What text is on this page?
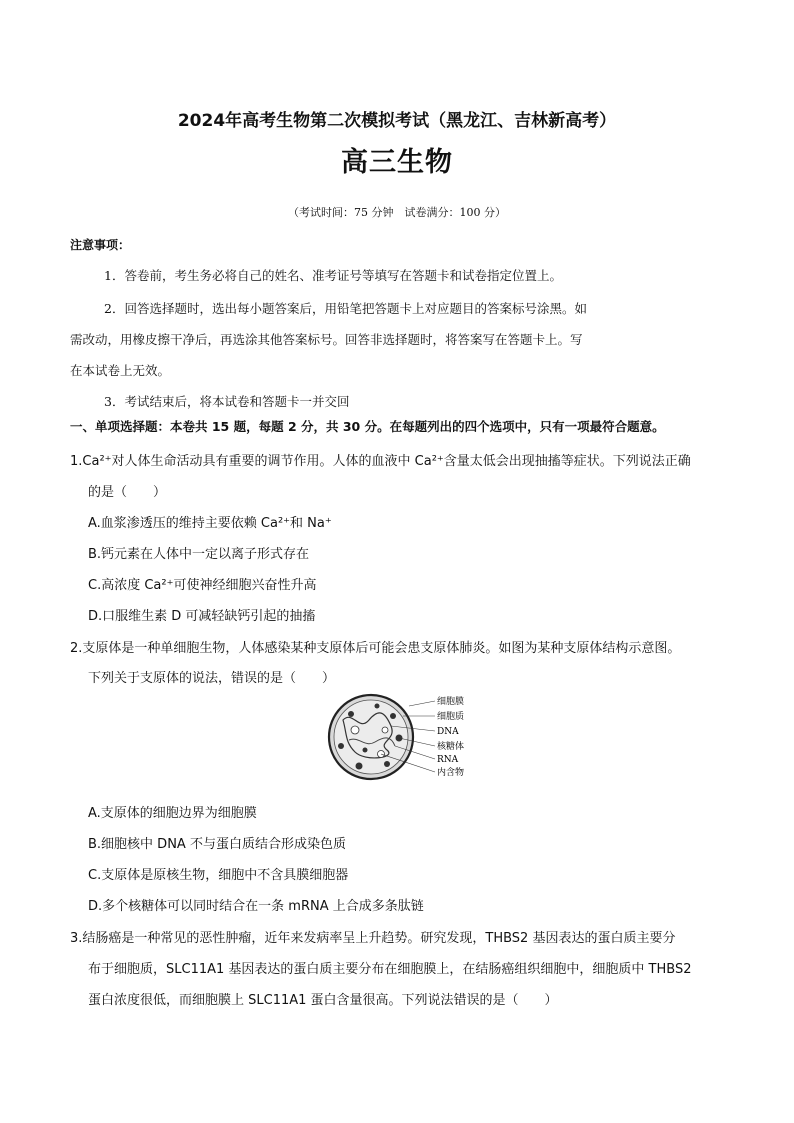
2024年高考生物第二次模拟考试（黑龙江、吉林新高考）
高三生物
（考试时间：75 分钟　试卷满分：100 分）
注意事项：
1．答卷前，考生务必将自己的姓名、准考证号等填写在答题卡和试卷指定位置上。
2．回答选择题时，选出每小题答案后，用铅笔把答题卡上对应题目的答案标号涂黑。如
需改动，用橡皮擦干净后，再选涂其他答案标号。回答非选择题时，将答案写在答题卡上。写
在本试卷上无效。
3．考试结束后，将本试卷和答题卡一并交回
一、单项选择题：本卷共 15 题，每题 2 分，共 30 分。在每题列出的四个选项中，只有一项最符合题意。
1.Ca²⁺对人体生命活动具有重要的调节作用。人体的血液中 Ca²⁺含量太低会出现抽搐等症状。下列说法正确
的是（　　）
A.血浆渗透压的维持主要依赖 Ca²⁺和 Na⁺
B.钙元素在人体中一定以离子形式存在
C.高浓度 Ca²⁺可使神经细胞兴奋性升高
D.口服维生素 D 可减轻缺钙引起的抽搐
2.支原体是一种单细胞生物，人体感染某种支原体后可能会患支原体肺炎。如图为某种支原体结构示意图。
下列关于支原体的说法，错误的是（　　）
细胞膜
细胞质
DNA
核糖体
RNA
内含物
A.支原体的细胞边界为细胞膜
B.细胞核中 DNA 不与蛋白质结合形成染色质
C.支原体是原核生物，细胞中不含具膜细胞器
D.多个核糖体可以同时结合在一条 mRNA 上合成多条肽链
3.结肠癌是一种常见的恶性肿瘤，近年来发病率呈上升趋势。研究发现，THBS2 基因表达的蛋白质主要分
布于细胞质，SLC11A1 基因表达的蛋白质主要分布在细胞膜上，在结肠癌组织细胞中，细胞质中 THBS2
蛋白浓度很低，而细胞膜上 SLC11A1 蛋白含量很高。下列说法错误的是（　　）
